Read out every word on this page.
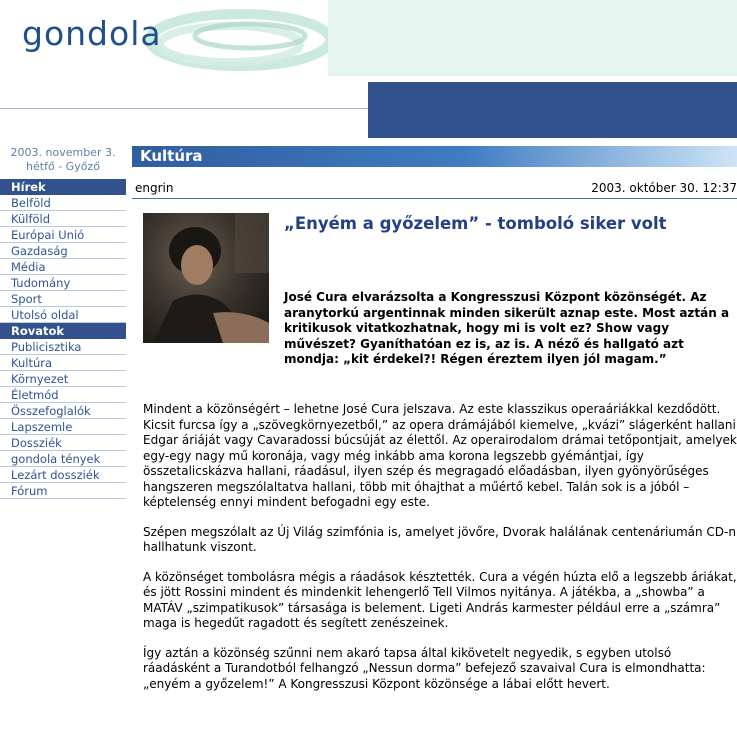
gondola
2003. november 3.
hétfő - Győző
Hírek
Belföld
Külföld
Európai Unió
Gazdaság
Média
Tudomány
Sport
Utolsó oldal
Rovatok
Publicisztika
Kultúra
Környezet
Életmód
Összefoglalók
Lapszemle
Dossziék
gondola tények
Lezárt dossziék
Fórum
Kultúra
engrin	2003. október 30. 12:37
„Enyém a győzelem” - tomboló siker volt
José Cura elvarázsolta a Kongresszusi Központ közönségét. Az aranytorkú argentinnak minden sikerült aznap este. Most aztán a kritikusok vitatkozhatnak, hogy mi is volt ez? Show vagy művészet? Gyaníthatóan ez is, az is. A néző és hallgató azt mondja: „kit érdekel?! Régen éreztem ilyen jól magam.”

Mindent a közönségért – lehetne José Cura jelszava. Az este klasszikus operaáriákkal kezdődött. Kicsit furcsa így a „szövegkörnyezetből,” az opera drámájából kiemelve, „kvázi” slágerként hallani Edgar áriáját vagy Cavaradossi búcsúját az élettől. Az operairodalom drámai tetőpontjait, amelyek egy-egy nagy mű koronája, vagy még inkább ama korona legszebb gyémántjai, így összetalicskázva hallani, ráadásul, ilyen szép és megragadó előadásban, ilyen gyönyörűséges hangszeren megszólaltatva hallani, több mit óhajthat a műértő kebel. Talán sok is a jóból – képtelenség ennyi mindent befogadni egy este.

Szépen megszólalt az Új Világ szimfónia is, amelyet jövőre, Dvorak halálának centenáriumán CD-n hallhatunk viszont.

A közönséget tombolásra mégis a ráadások késztették. Cura a végén húzta elő a legszebb áriákat, és jött Rossini mindent és mindenkit lehengerlő Tell Vilmos nyitánya. A játékba, a „showba” a MATÁV „szimpatikusok” társasága is belement. Ligeti András karmester például erre a „számra” maga is hegedűt ragadott és segített zenészeinek.

Így aztán a közönség szűnni nem akaró tapsa által kikövetelt negyedik, s egyben utolsó ráadásként a Turandotból felhangzó „Nessun dorma” befejező szavaival Cura is elmondhatta: „enyém a győzelem!” A Kongresszusi Központ közönsége a lábai előtt hevert.
